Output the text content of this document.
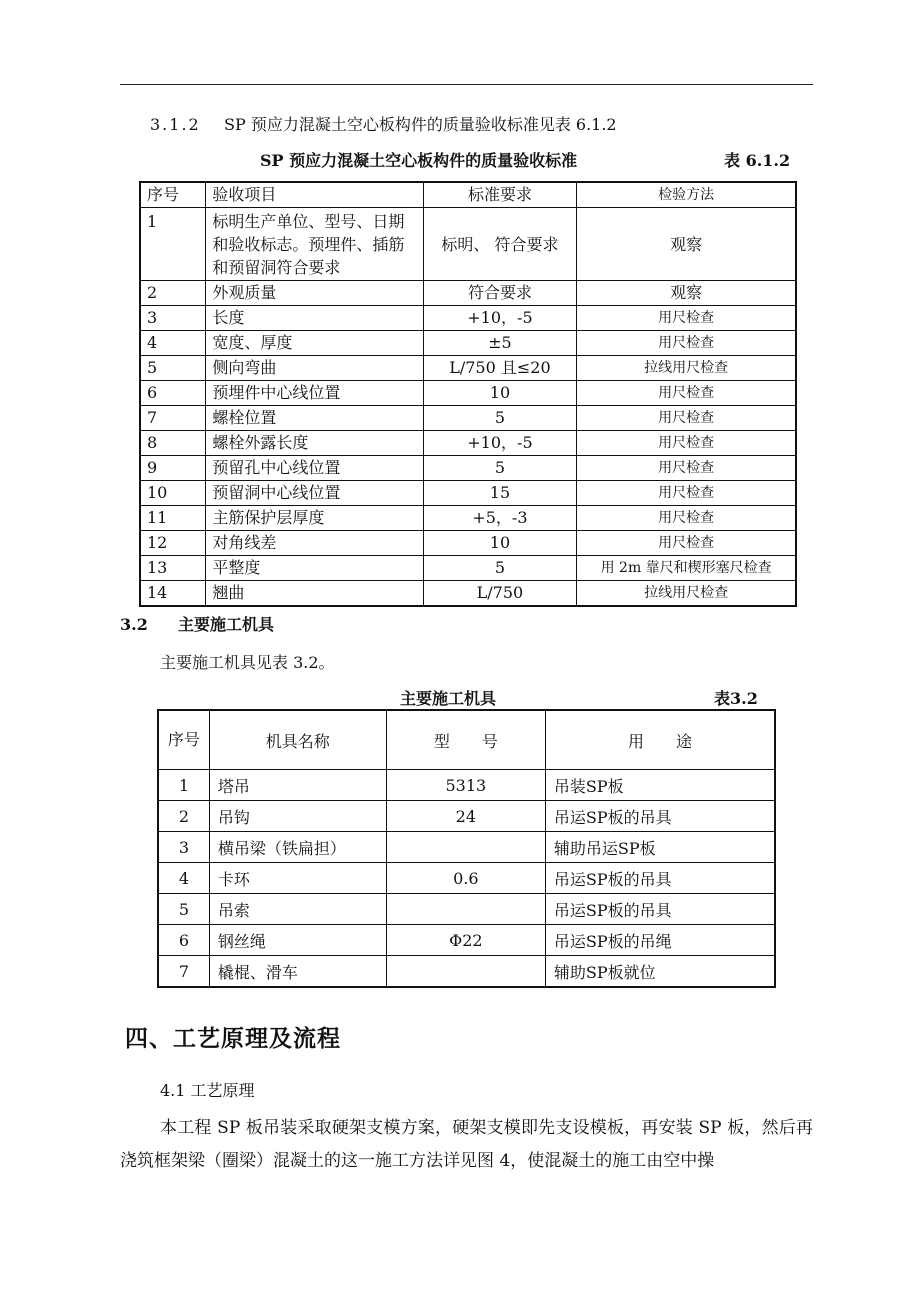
3.1.2 SP 预应力混凝土空心板构件的质量验收标准见表 6.1.2
SP 预应力混凝土空心板构件的质量验收标准	表 6.1.2
序号	验收项目	标准要求	检验方法
1	标明生产单位、型号、日期和验收标志。预埋件、插筋和预留洞符合要求	标明、 符合要求	观察
2	外观质量	符合要求	观察
3	长度	+10，-5	用尺检查
4	宽度、厚度	±5	用尺检查
5	侧向弯曲	L/750 且≤20	拉线用尺检查
6	预埋件中心线位置	10	用尺检查
7	螺栓位置	5	用尺检查
8	螺栓外露长度	+10，-5	用尺检查
9	预留孔中心线位置	5	用尺检查
10	预留洞中心线位置	15	用尺检查
11	主筋保护层厚度	+5，-3	用尺检查
12	对角线差	10	用尺检查
13	平整度	5	用 2m 靠尺和楔形塞尺检查
14	翘曲	L/750	拉线用尺检查
3.2 主要施工机具
主要施工机具见表 3.2。
主要施工机具	表3.2
序号	机具名称	型　　号	用　　途
1	塔吊	5313	吊装SP板
2	吊钩	24	吊运SP板的吊具
3	横吊梁（铁扁担）		辅助吊运SP板
4	卡环	0.6	吊运SP板的吊具
5	吊索		吊运SP板的吊具
6	钢丝绳	Φ22	吊运SP板的吊绳
7	橇棍、滑车		辅助SP板就位
四、工艺原理及流程
4.1 工艺原理
本工程 SP 板吊装采取硬架支模方案，硬架支模即先支设模板，再安装 SP 板，然后再浇筑框架梁（圈梁）混凝土的这一施工方法详见图 4，使混凝土的施工由空中操
